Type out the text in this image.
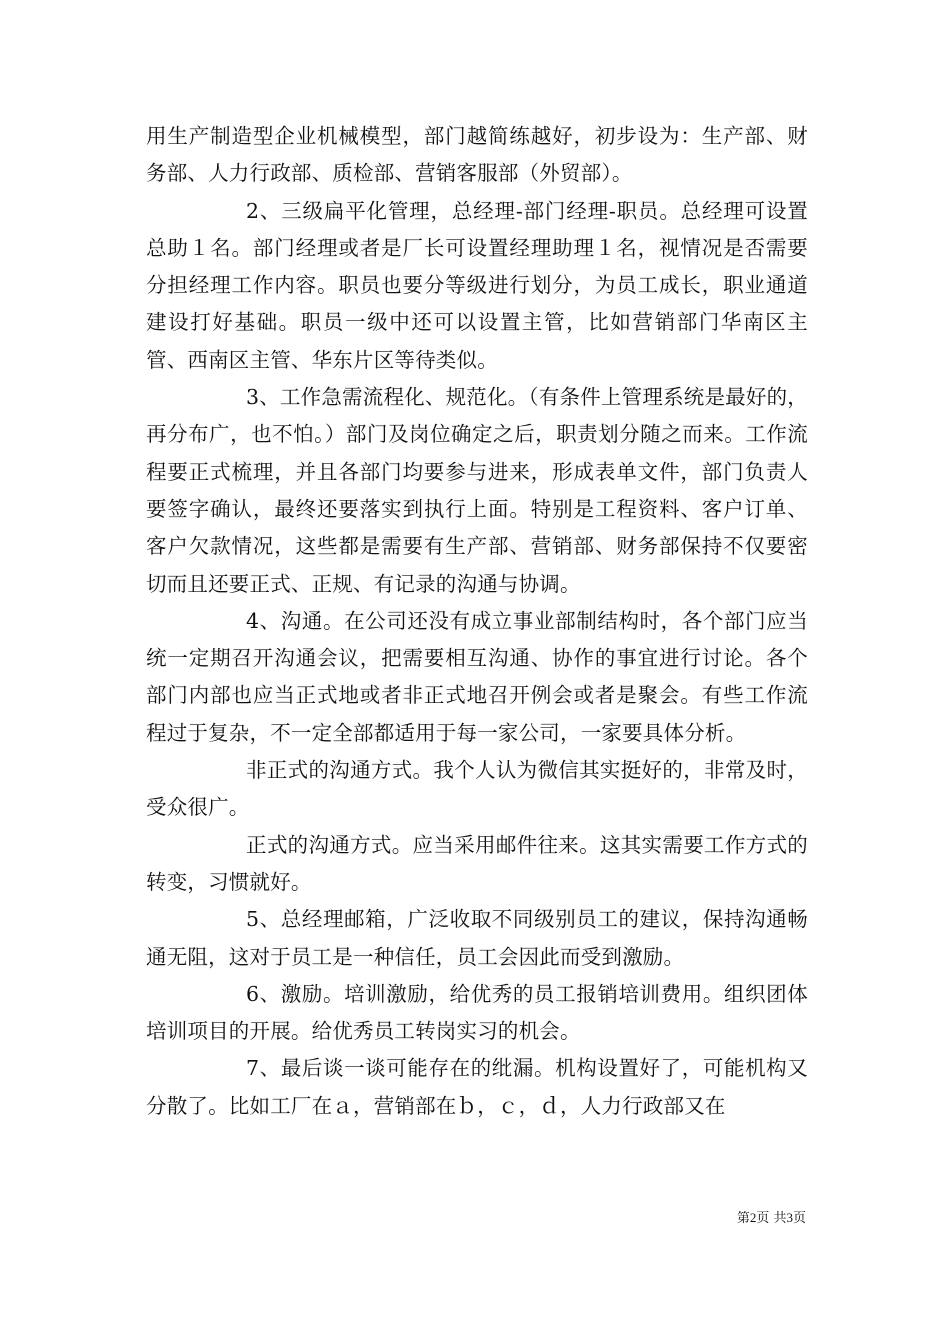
用生产制造型企业机械模型，部门越简练越好，初步设为：生产部、财务部、人力行政部、质检部、营销客服部（外贸部）。

2、三级扁平化管理，总经理-部门经理-职员。总经理可设置总助１名。部门经理或者是厂长可设置经理助理１名，视情况是否需要分担经理工作内容。职员也要分等级进行划分，为员工成长，职业通道建设打好基础。职员一级中还可以设置主管，比如营销部门华南区主管、西南区主管、华东片区等待类似。

3、工作急需流程化、规范化。（有条件上管理系统是最好的，再分布广，也不怕。）部门及岗位确定之后，职责划分随之而来。工作流程要正式梳理，并且各部门均要参与进来，形成表单文件，部门负责人要签字确认，最终还要落实到执行上面。特别是工程资料、客户订单、客户欠款情况，这些都是需要有生产部、营销部、财务部保持不仅要密切而且还要正式、正规、有记录的沟通与协调。

4、沟通。在公司还没有成立事业部制结构时，各个部门应当统一定期召开沟通会议，把需要相互沟通、协作的事宜进行讨论。各个部门内部也应当正式地或者非正式地召开例会或者是聚会。有些工作流程过于复杂，不一定全部都适用于每一家公司，一家要具体分析。

非正式的沟通方式。我个人认为微信其实挺好的，非常及时，受众很广。

正式的沟通方式。应当采用邮件往来。这其实需要工作方式的转变，习惯就好。

5、总经理邮箱，广泛收取不同级别员工的建议，保持沟通畅通无阻，这对于员工是一种信任，员工会因此而受到激励。

6、激励。培训激励，给优秀的员工报销培训费用。组织团体培训项目的开展。给优秀员工转岗实习的机会。

7、最后谈一谈可能存在的纰漏。机构设置好了，可能机构又分散了。比如工厂在ａ，营销部在ｂ，ｃ，ｄ，人力行政部又在

第2页 共3页
